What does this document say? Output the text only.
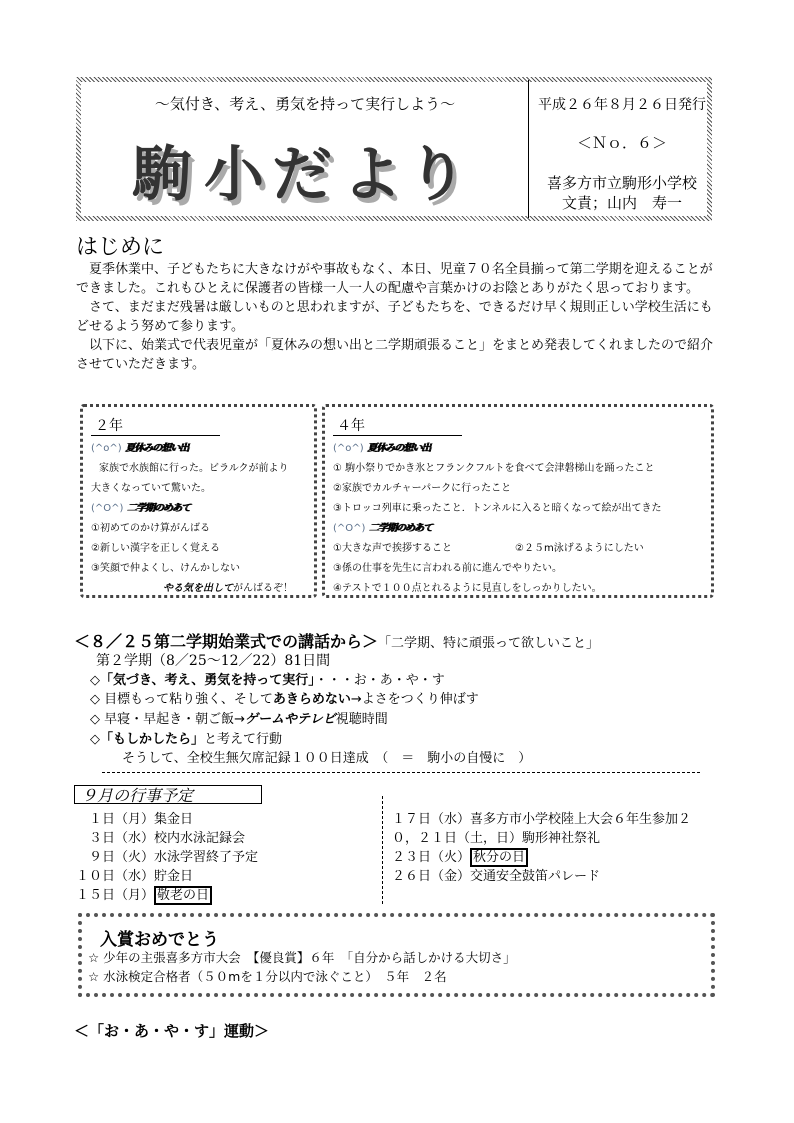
～気付き、考え、勇気を持って実行しよう～
駒 小 だ よ り
平成２６年８月２６日発行
＜Ｎｏ．６＞
喜多方市立駒形小学校
文責；山内　寿一
はじめに

夏季休業中、子どもたちに大きなけがや事故もなく、本日、児童７０名全員揃って第二学期を迎えることができました。これもひとえに保護者の皆様一人一人の配慮や言葉かけのお陰とありがたく思っております。

さて、まだまだ残暑は厳しいものと思われますが、子どもたちを、できるだけ早く規則正しい学校生活にもどせるよう努めて参ります。

以下に、始業式で代表児童が「夏休みの想い出と二学期頑張ること」をまとめ発表してくれましたので紹介させていただきます。

２年
(^o^) 夏休みの想い出
家族で水族館に行った。ビラルクが前より
大きくなっていて驚いた。
(^O^) 二学期のめあて
①初めてのかけ算がんばる
②新しい漢字を正しく覚える
③笑顔で仲よくし、けんかしない
やる気を出してがんばるぞ！
４年
(^o^) 夏休みの想い出
① 駒小祭りでかき氷とフランクフルトを食べて会津磐梯山を踊ったこと
②家族でカルチャーパークに行ったこと
③トロッコ列車に乗ったこと．トンネルに入ると暗くなって絵が出てきた
(^O^) 二学期のめあて
①大きな声で挨拶すること	②２５m泳げるようにしたい
③係の仕事を先生に言われる前に進んでやりたい。
④テストで１００点とれるように見直しをしっかりしたい。
＜８／２５第二学期始業式での講話から＞「二学期、特に頑張って欲しいこと」
第２学期（8／25～12／22）81日間
◇「気づき、考え、勇気を持って実行」・・・お・あ・や・す
◇ 目標もって粘り強く、そしてあきらめない→よさをつくり伸ばす
◇ 早寝・早起き・朝ご飯→ゲームやテレビ視聴時間
◇「もしかしたら」と考えて行動
そうして、全校生無欠席記録１００日達成　（　＝　駒小の自慢に　）
９月の行事予定
　１日（月）集金日
　３日（水）校内水泳記録会
　９日（火）水泳学習終了予定
１０日（水）貯金日
１５日（月） 敬老の日
１７日（水）喜多方市小学校陸上大会６年生参加２
０，２１日（土，日）駒形神社祭礼
２３日（火） 秋分の日
２６日（金）交通安全鼓笛パレード
入賞おめでとう
☆ 少年の主張喜多方市大会　【優良賞】６年　「自分から話しかける大切さ」
☆ 水泳検定合格者（５０mを１分以内で泳ぐこと）　５年　２名
＜「お・あ・や・す」運動＞
